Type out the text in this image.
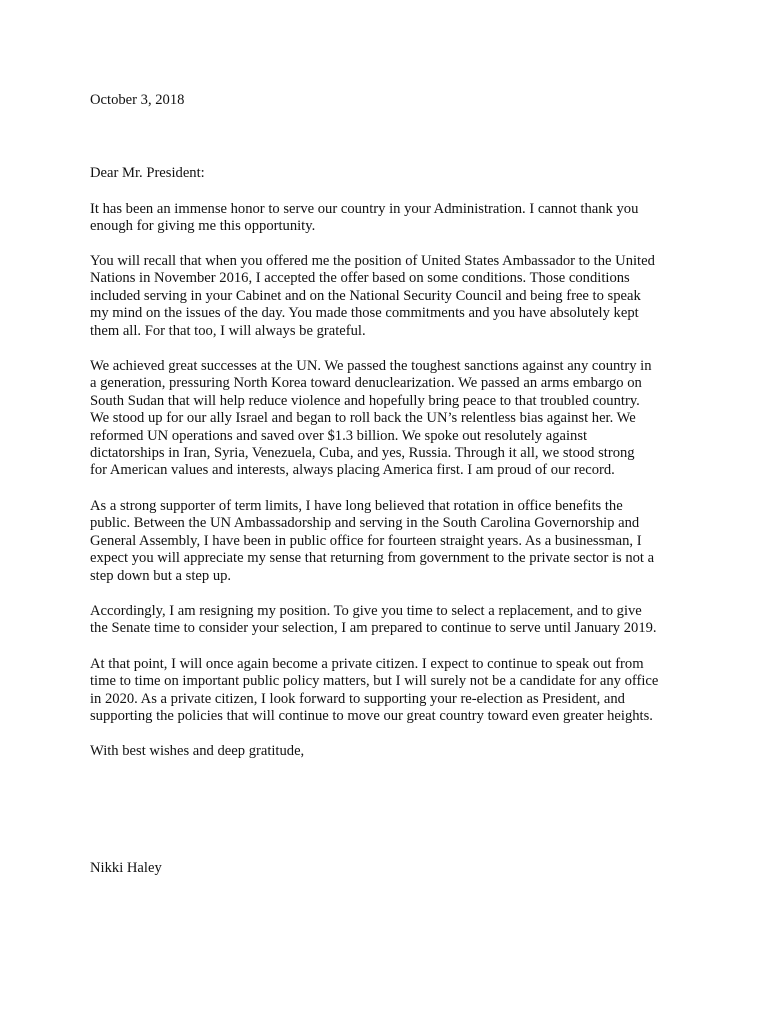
October 3, 2018

Dear Mr. President:

It has been an immense honor to serve our country in your Administration. I cannot thank you
enough for giving me this opportunity.
You will recall that when you offered me the position of United States Ambassador to the United
Nations in November 2016, I accepted the offer based on some conditions. Those conditions
included serving in your Cabinet and on the National Security Council and being free to speak
my mind on the issues of the day. You made those commitments and you have absolutely kept
them all. For that too, I will always be grateful.
We achieved great successes at the UN. We passed the toughest sanctions against any country in
a generation, pressuring North Korea toward denuclearization. We passed an arms embargo on
South Sudan that will help reduce violence and hopefully bring peace to that troubled country.
We stood up for our ally Israel and began to roll back the UN’s relentless bias against her. We
reformed UN operations and saved over $1.3 billion. We spoke out resolutely against
dictatorships in Iran, Syria, Venezuela, Cuba, and yes, Russia. Through it all, we stood strong
for American values and interests, always placing America first. I am proud of our record.
As a strong supporter of term limits, I have long believed that rotation in office benefits the
public. Between the UN Ambassadorship and serving in the South Carolina Governorship and
General Assembly, I have been in public office for fourteen straight years. As a businessman, I
expect you will appreciate my sense that returning from government to the private sector is not a
step down but a step up.
Accordingly, I am resigning my position. To give you time to select a replacement, and to give
the Senate time to consider your selection, I am prepared to continue to serve until January 2019.
At that point, I will once again become a private citizen. I expect to continue to speak out from
time to time on important public policy matters, but I will surely not be a candidate for any office
in 2020. As a private citizen, I look forward to supporting your re-election as President, and
supporting the policies that will continue to move our great country toward even greater heights.

With best wishes and deep gratitude,

Nikki Haley
